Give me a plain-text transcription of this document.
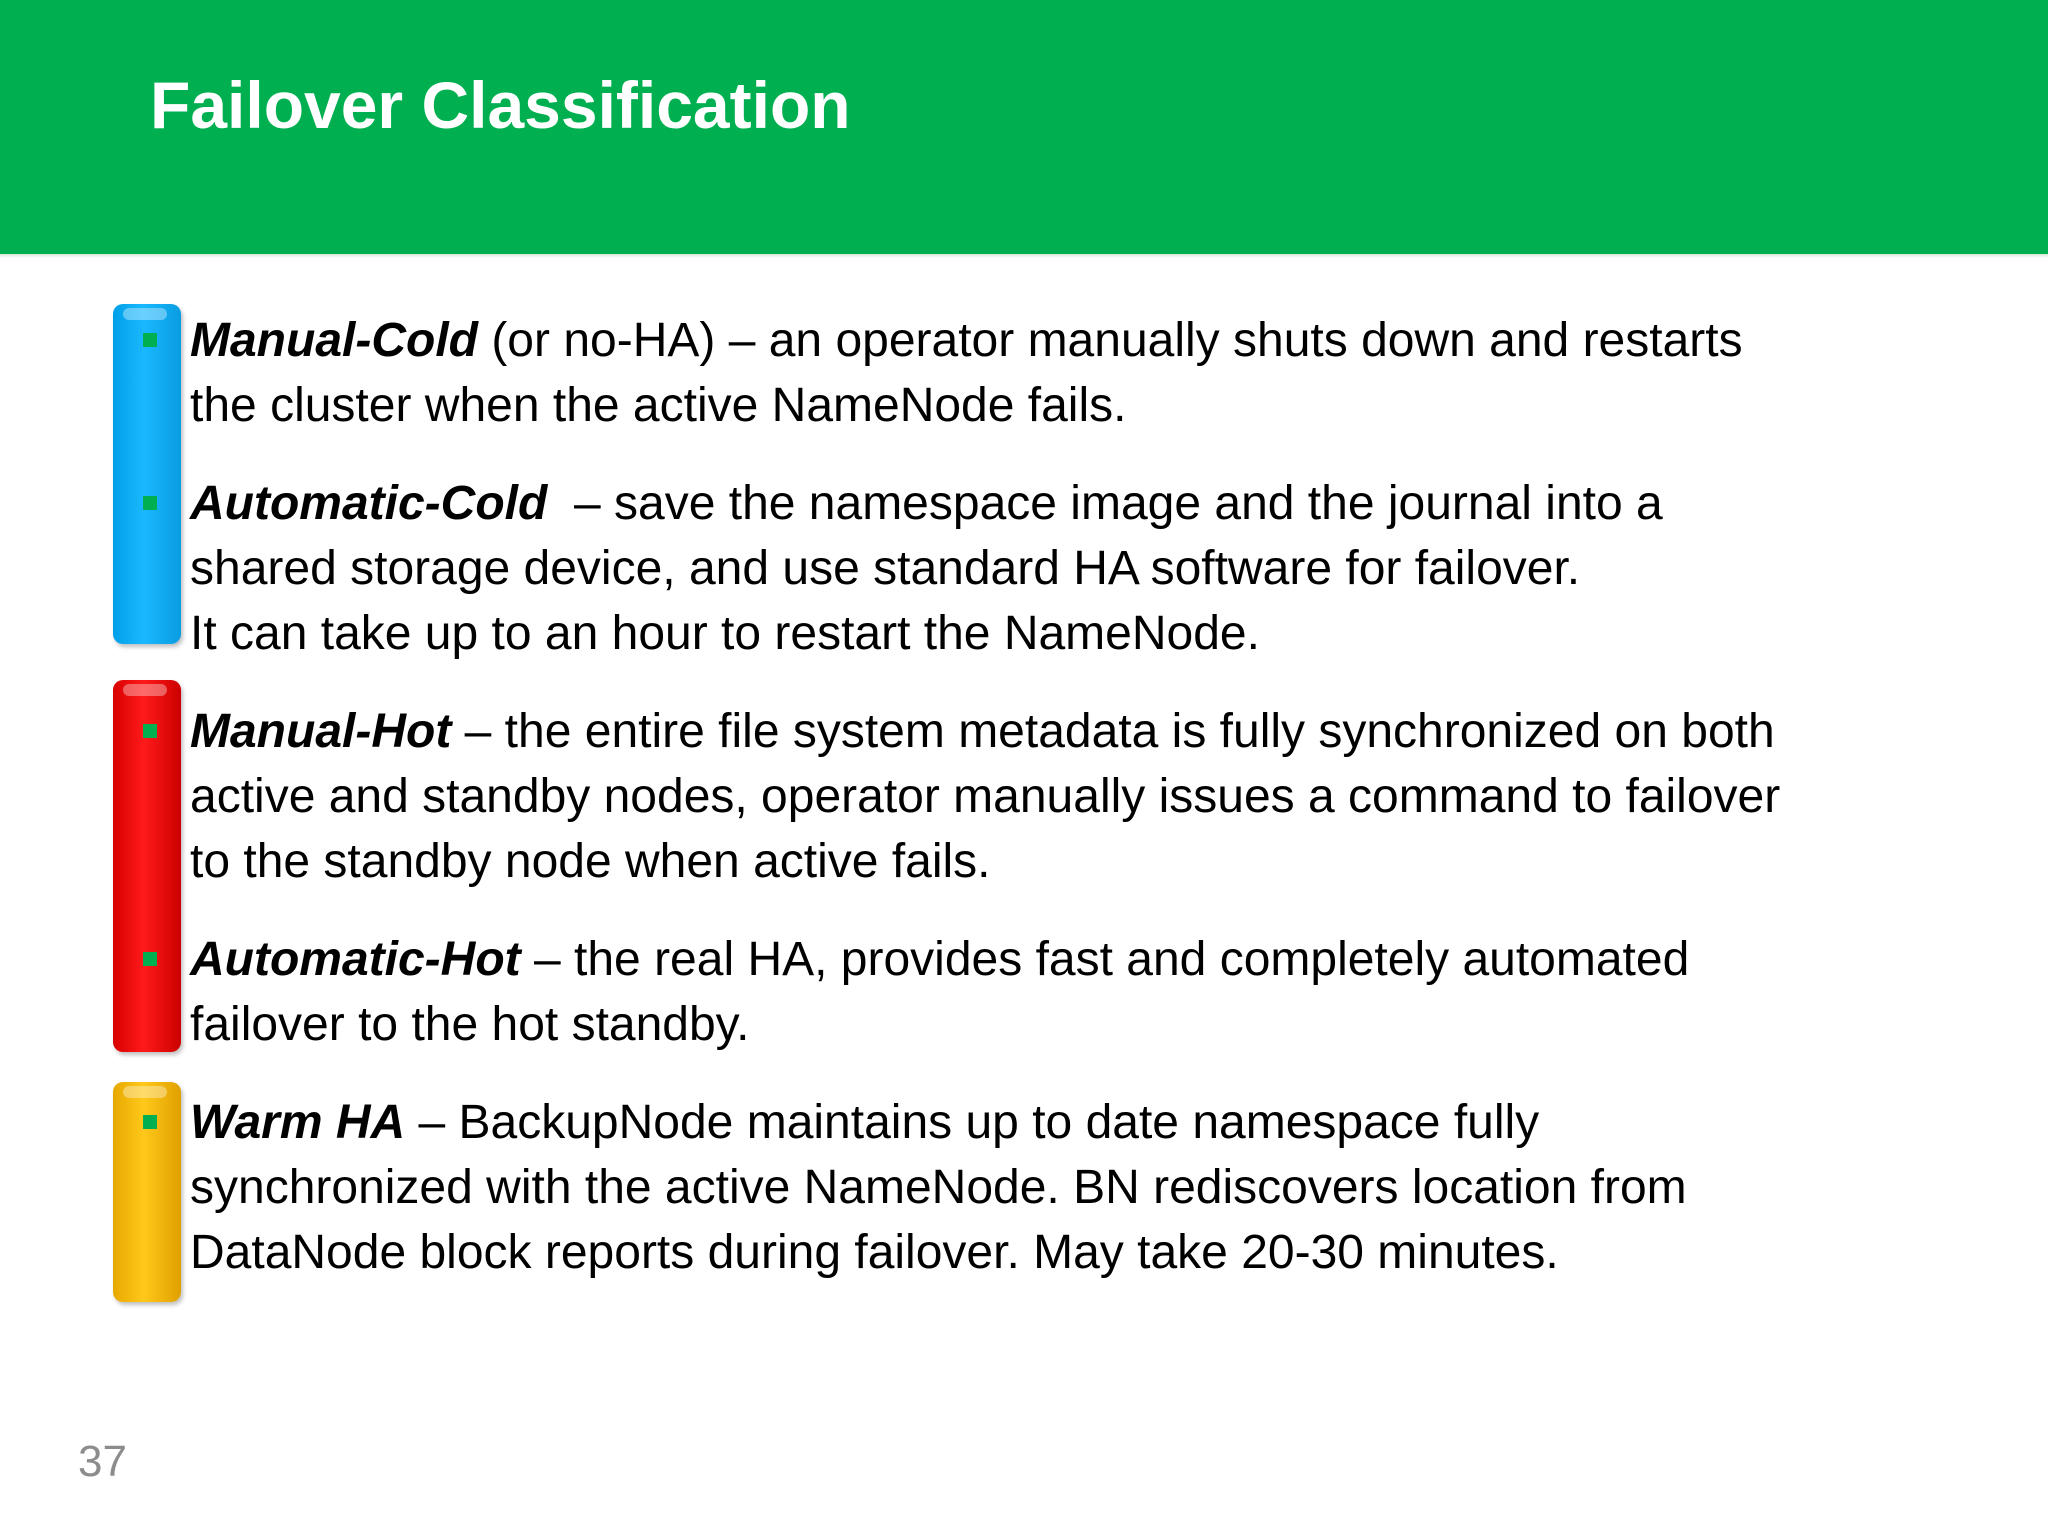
Failover Classification

Manual-Cold (or no-HA) – an operator manually shuts down and restarts
the cluster when the active NameNode fails.

Automatic-Cold  – save the namespace image and the journal into a
shared storage device, and use standard HA software for failover.
It can take up to an hour to restart the NameNode.

Manual-Hot – the entire file system metadata is fully synchronized on both
active and standby nodes, operator manually issues a command to failover
to the standby node when active fails.

Automatic-Hot – the real HA, provides fast and completely automated
failover to the hot standby.

Warm HA – BackupNode maintains up to date namespace fully
synchronized with the active NameNode. BN rediscovers location from
DataNode block reports during failover. May take 20-30 minutes.

37
